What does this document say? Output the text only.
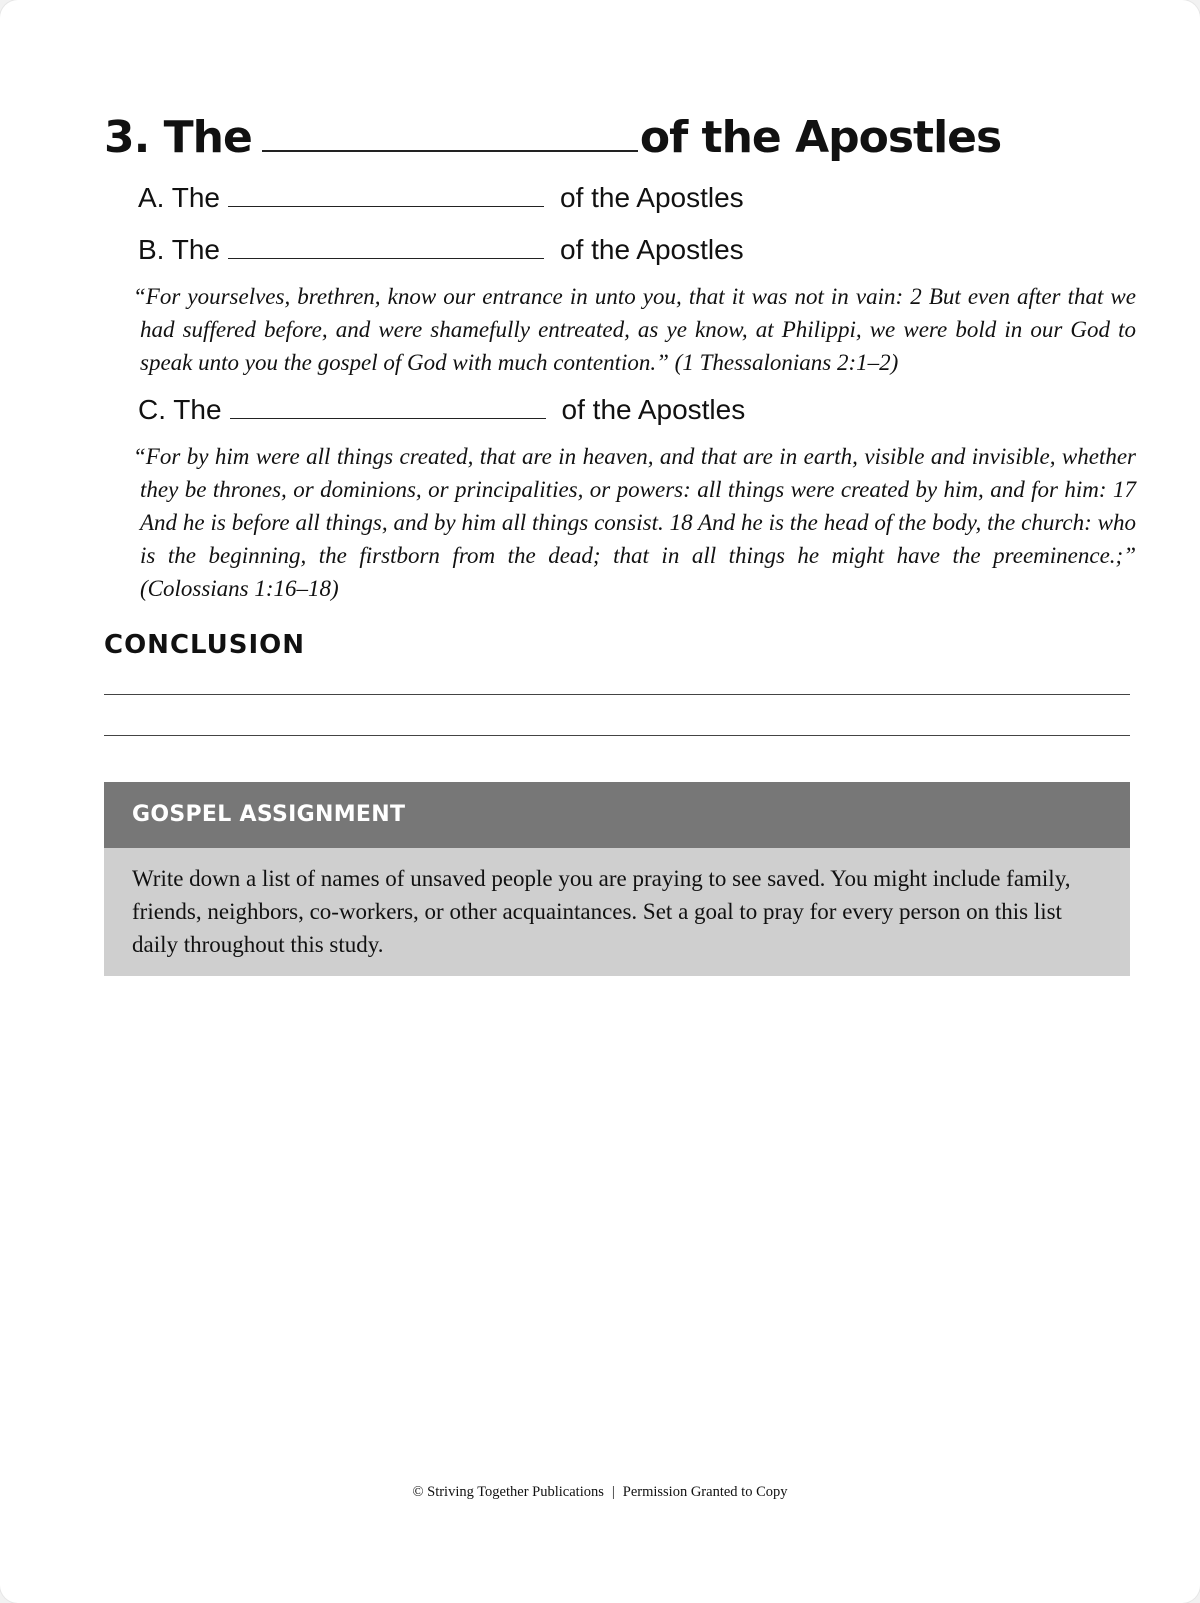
3. The	of the Apostles
A. The	of the Apostles
B. The	of the Apostles
“For yourselves, brethren, know our entrance in unto you, that it was not in vain: 2 But even after that we had suffered before, and were shamefully entreated, as ye know, at Philippi, we were bold in our God to speak unto you the gospel of God with much contention.” (1 Thessalonians 2:1–2)
C. The	of the Apostles
“For by him were all things created, that are in heaven, and that are in earth, visible and invisible, whether they be thrones, or dominions, or principalities, or powers: all things were created by him, and for him: 17 And he is before all things, and by him all things consist. 18 And he is the head of the body, the church: who is the beginning, the firstborn from the dead; that in all things he might have the preeminence.;” (Colossians 1:16–18)
CONCLUSION
GOSPEL ASSIGNMENT

Write down a list of names of unsaved people you are praying to see saved. You might include family, friends, neighbors, co-workers, or other acquaintances. Set a goal to pray for every person on this list daily throughout this study.

© Striving Together Publications | Permission Granted to Copy
